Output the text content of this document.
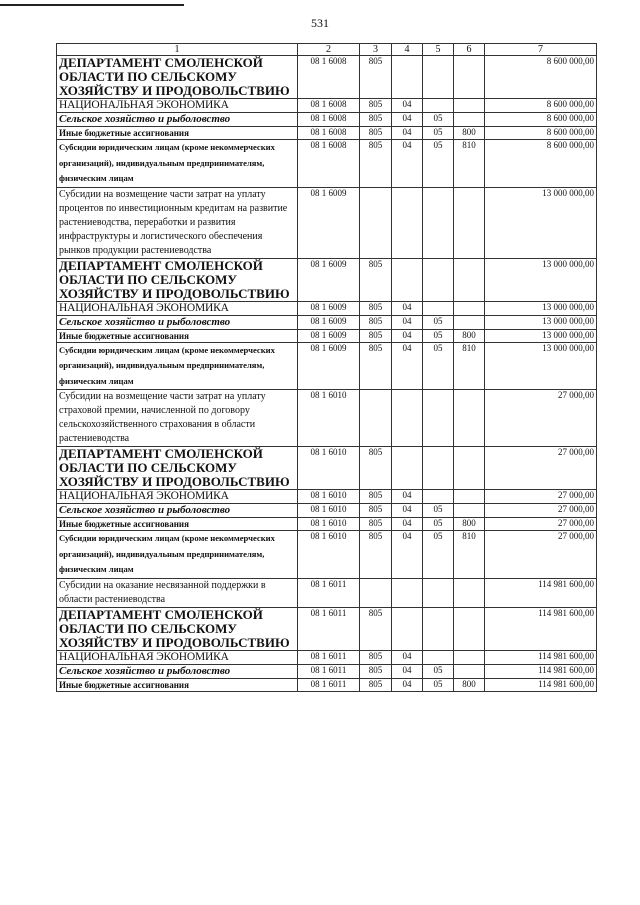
531
1	2	3	4	5	6	7
ДЕПАРТАМЕНТ СМОЛЕНСКОЙ ОБЛАСТИ ПО СЕЛЬСКОМУ ХОЗЯЙСТВУ И ПРОДОВОЛЬСТВИЮ	08 1 6008	805				8 600 000,00
НАЦИОНАЛЬНАЯ ЭКОНОМИКА	08 1 6008	805	04			8 600 000,00
Сельское хозяйство и рыболовство	08 1 6008	805	04	05		8 600 000,00
Иные бюджетные ассигнования	08 1 6008	805	04	05	800	8 600 000,00
Субсидии юридическим лицам (кроме некоммерческих организаций), индивидуальным предпринимателям, физическим лицам	08 1 6008	805	04	05	810	8 600 000,00
Субсидии на возмещение части затрат на уплату процентов по инвестиционным кредитам на развитие растениеводства, переработки и развития инфраструктуры и логистического обеспечения рынков продукции растениеводства	08 1 6009					13 000 000,00
ДЕПАРТАМЕНТ СМОЛЕНСКОЙ ОБЛАСТИ ПО СЕЛЬСКОМУ ХОЗЯЙСТВУ И ПРОДОВОЛЬСТВИЮ	08 1 6009	805				13 000 000,00
НАЦИОНАЛЬНАЯ ЭКОНОМИКА	08 1 6009	805	04			13 000 000,00
Сельское хозяйство и рыболовство	08 1 6009	805	04	05		13 000 000,00
Иные бюджетные ассигнования	08 1 6009	805	04	05	800	13 000 000,00
Субсидии юридическим лицам (кроме некоммерческих организаций), индивидуальным предпринимателям, физическим лицам	08 1 6009	805	04	05	810	13 000 000,00
Субсидии на возмещение части затрат на уплату страховой премии, начисленной по договору сельскохозяйственного страхования в области растениеводства	08 1 6010					27 000,00
ДЕПАРТАМЕНТ СМОЛЕНСКОЙ ОБЛАСТИ ПО СЕЛЬСКОМУ ХОЗЯЙСТВУ И ПРОДОВОЛЬСТВИЮ	08 1 6010	805				27 000,00
НАЦИОНАЛЬНАЯ ЭКОНОМИКА	08 1 6010	805	04			27 000,00
Сельское хозяйство и рыболовство	08 1 6010	805	04	05		27 000,00
Иные бюджетные ассигнования	08 1 6010	805	04	05	800	27 000,00
Субсидии юридическим лицам (кроме некоммерческих организаций), индивидуальным предпринимателям, физическим лицам	08 1 6010	805	04	05	810	27 000,00
Субсидии на оказание несвязанной поддержки в области растениеводства	08 1 6011					114 981 600,00
ДЕПАРТАМЕНТ СМОЛЕНСКОЙ ОБЛАСТИ ПО СЕЛЬСКОМУ ХОЗЯЙСТВУ И ПРОДОВОЛЬСТВИЮ	08 1 6011	805				114 981 600,00
НАЦИОНАЛЬНАЯ ЭКОНОМИКА	08 1 6011	805	04			114 981 600,00
Сельское хозяйство и рыболовство	08 1 6011	805	04	05		114 981 600,00
Иные бюджетные ассигнования	08 1 6011	805	04	05	800	114 981 600,00
